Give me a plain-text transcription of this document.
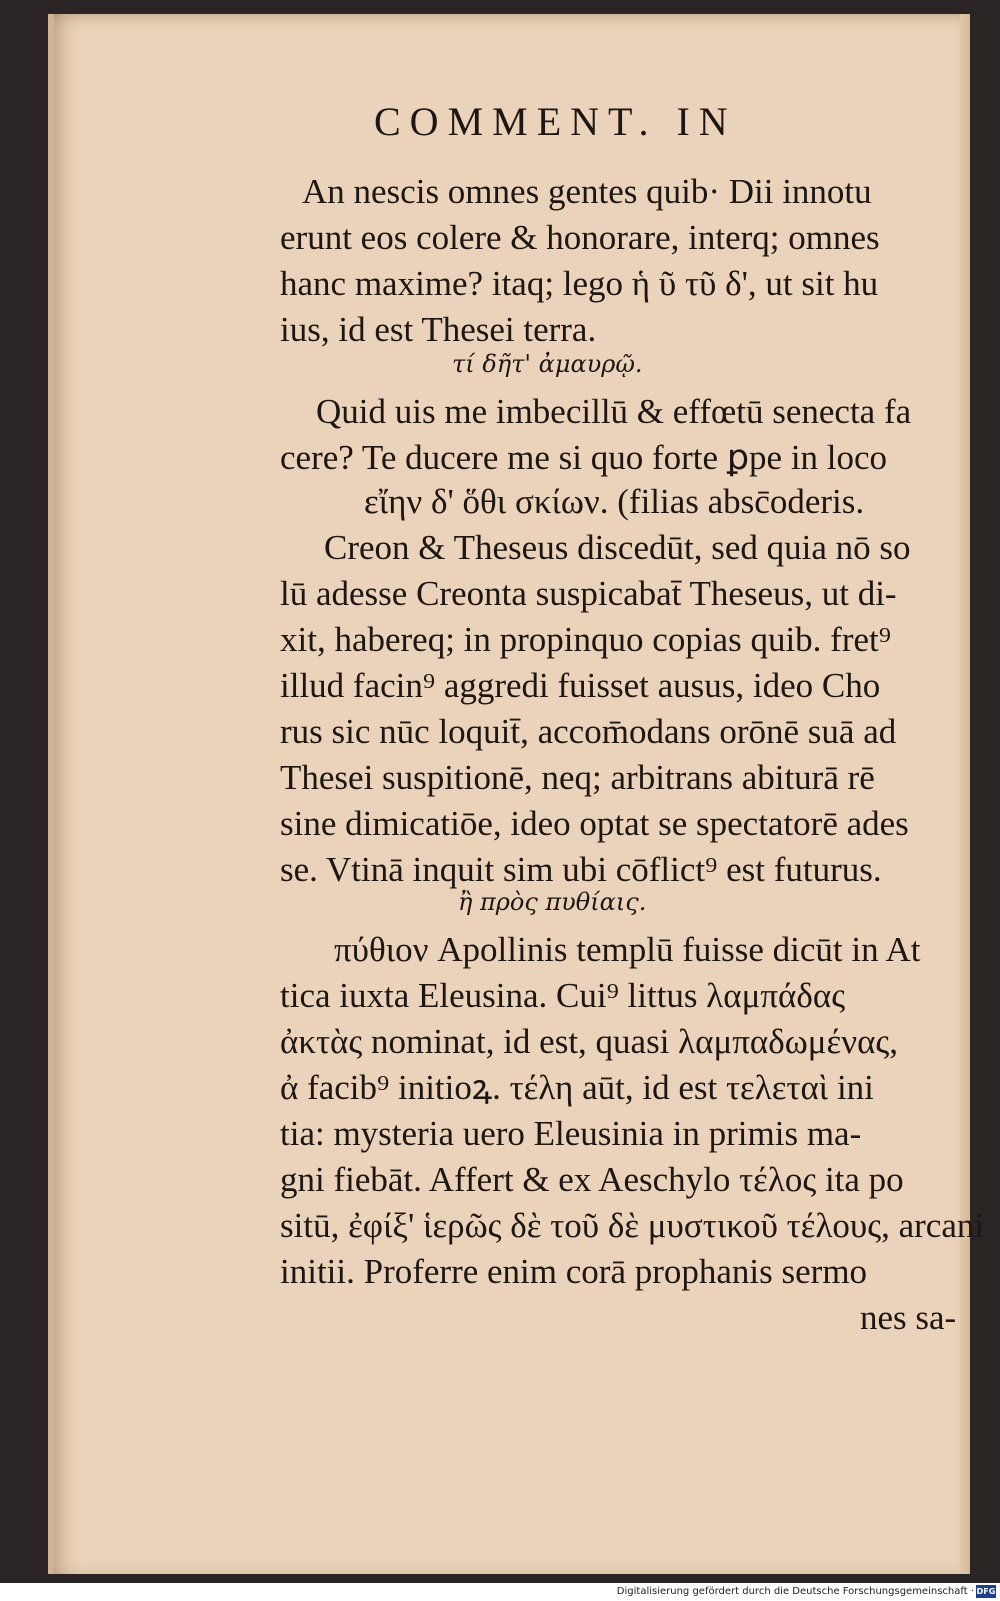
COMMENT. IN

An nescis omnes gentes quib· Dii innotu

erunt eos colere & honorare, interq; omnes

hanc maxime? itaq; lego ἡ ῦ τῦ δ', ut sit hu

ius, id est Thesei terra.

τί δῆτ' ἀμαυρῷ.

Quid uis me imbecillū & effœtū senecta fa

cere? Te ducere me si quo forte ꝑpe in loco

εἴην δ' ὅθι σκίων. (filias absc̄oderis.

Creon & Theseus discedūt, sed quia nō so

lū adesse Creonta suspicabat̄ Theseus, ut di-

xit, habereq; in propinquo copias quib. fret⁹

illud facin⁹ aggredi fuisset ausus, ideo Cho

rus sic nūc loquit̄, accom̄odans orōnē suā ad

Thesei suspitionē, neq; arbitrans abiturā rē

sine dimicatiōe, ideo optat se spectatorē ades

se. Vtinā inquit sim ubi cōflict⁹ est futurus.

ἢ πρὸς πυθίαις.

πύθιον Apollinis templū fuisse dicūt in At

tica iuxta Eleusina. Cui⁹ littus λαμπάδας

ἀκτὰς nominat, id est, quasi λαμπαδωμένας,

ἀ facib⁹ initioꝝ. τέλη aūt, id est τελεταὶ ini

tia: mysteria uero Eleusinia in primis ma-

gni fiebāt. Affert & ex Aeschylo τέλος ita po

sitū, ἐφίξ' ἱερῶς δὲ τοῦ δὲ μυστικοῦ τέλους, arcani

initii. Proferre enim corā prophanis sermo

nes sa-

Digitalisierung gefördert durch die Deutsche Forschungsgemeinschaft · DFG
